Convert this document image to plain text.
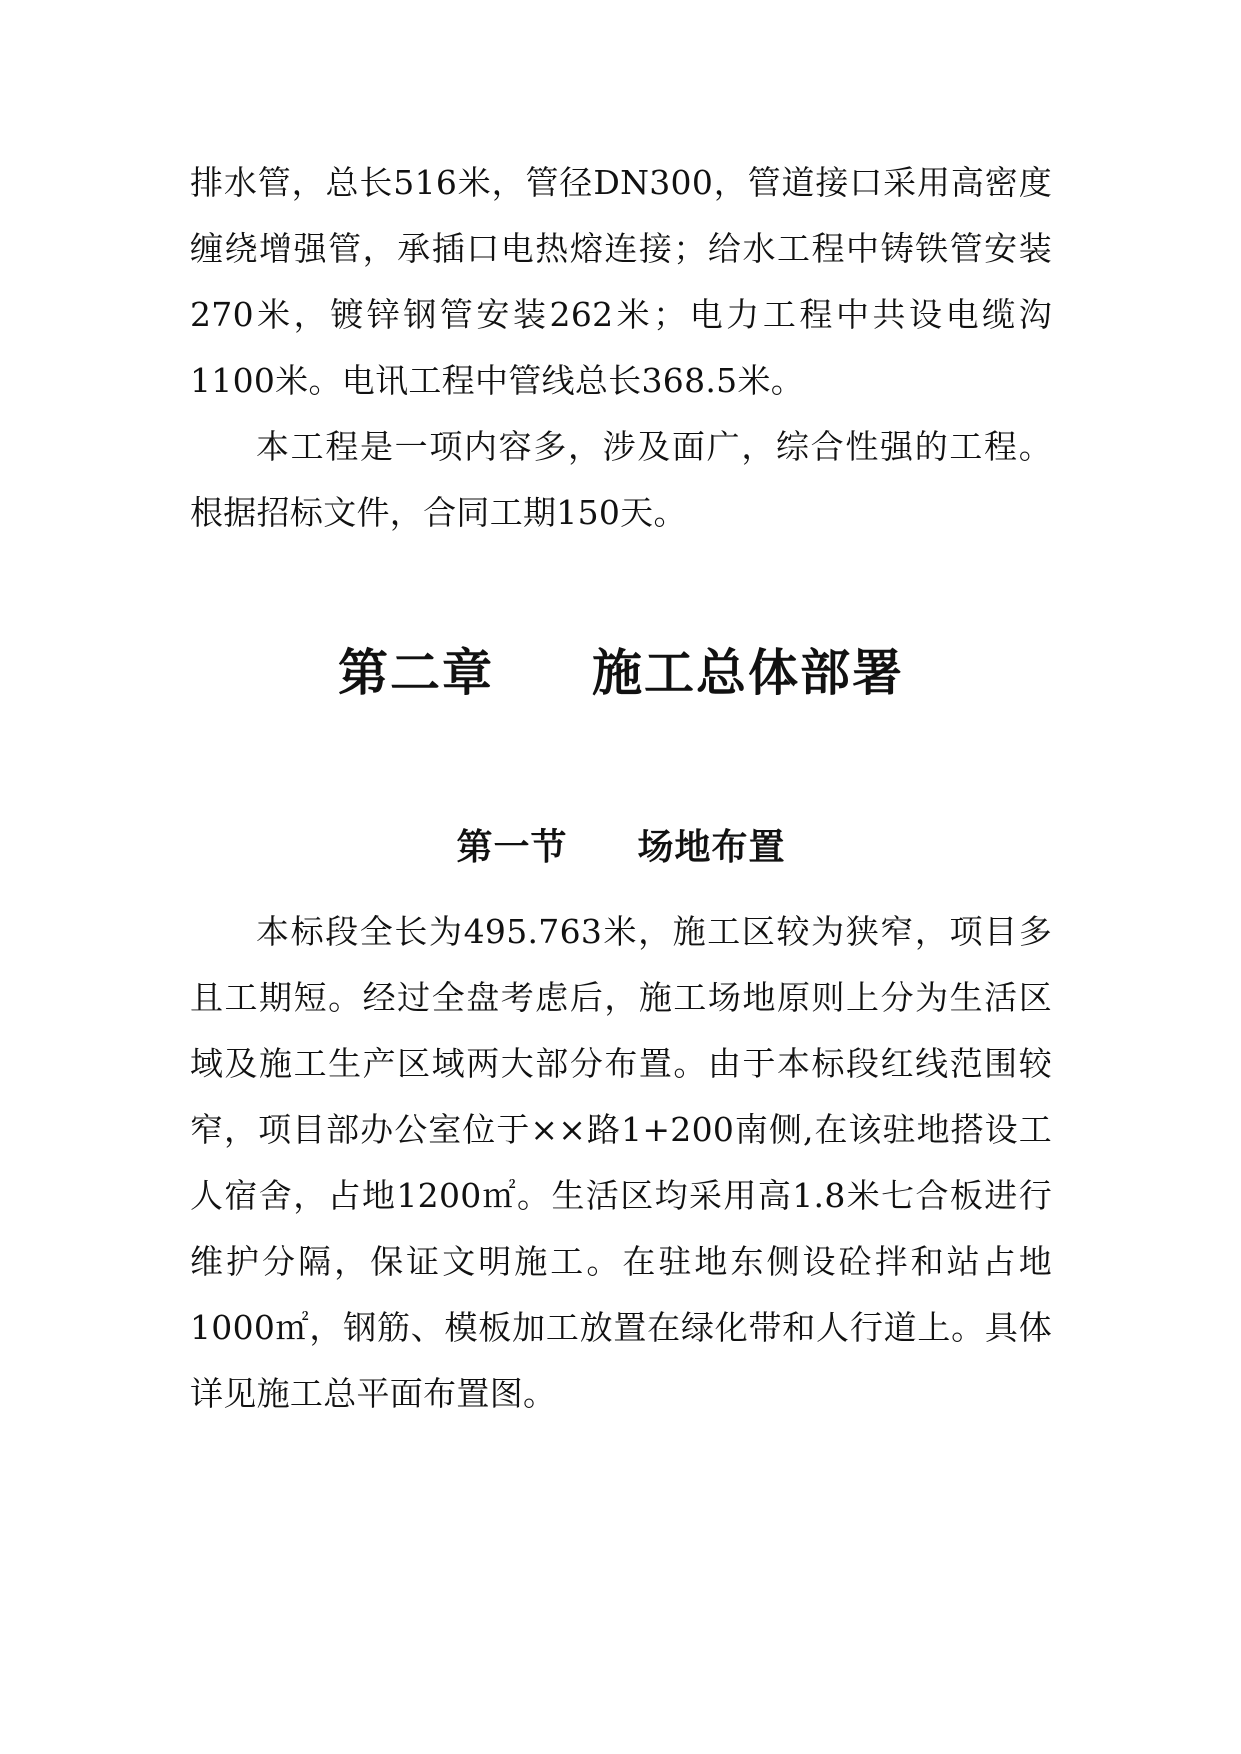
排水管，总长516米，管径DN300，管道接口采用高密度缠绕增强管，承插口电热熔连接；给水工程中铸铁管安装270米，镀锌钢管安装262米；电力工程中共设电缆沟1100米。电讯工程中管线总长368.5米。

本工程是一项内容多，涉及面广，综合性强的工程。根据招标文件，合同工期150天。

第二章 施工总体部署
第一节 场地布置

本标段全长为495.763米，施工区较为狭窄，项目多且工期短。经过全盘考虑后，施工场地原则上分为生活区域及施工生产区域两大部分布置。由于本标段红线范围较窄，项目部办公室位于××路1+200南侧,在该驻地搭设工人宿舍，占地1200㎡。生活区均采用高1.8米七合板进行维护分隔，保证文明施工。在驻地东侧设砼拌和站占地1000㎡，钢筋、模板加工放置在绿化带和人行道上。具体详见施工总平面布置图。
